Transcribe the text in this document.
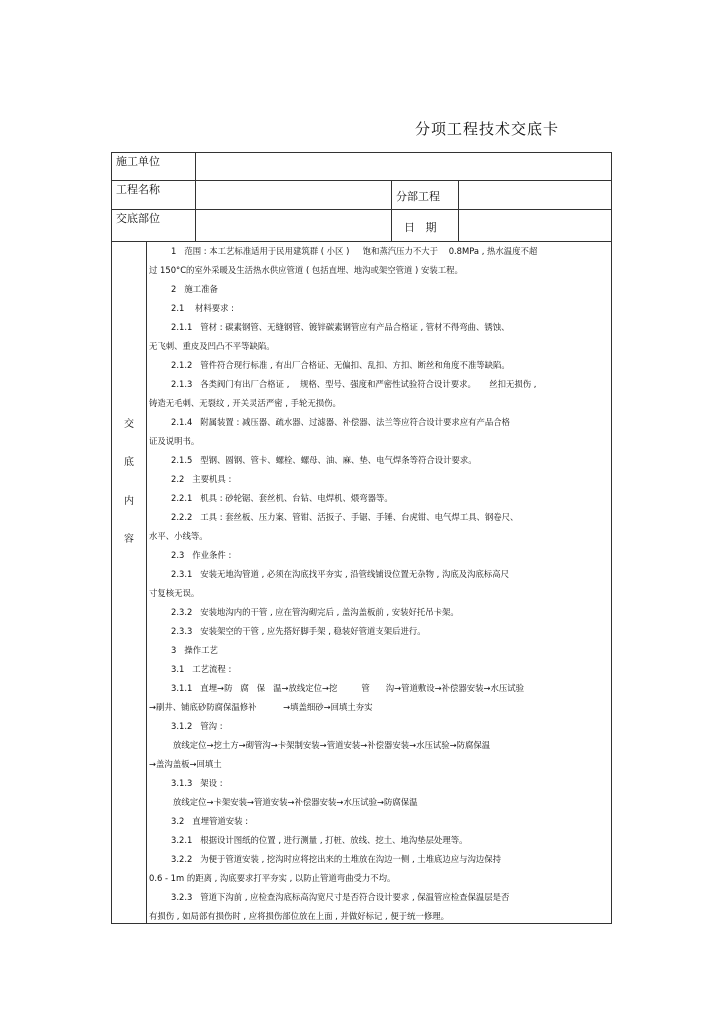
分项工程技术交底卡
施工单位
工程名称
分部工程
交底部位
日   期
交
底
内
容
1   范围 : 本工艺标准适用于民用建筑群 ( 小区 )     饱和蒸汽压力不大于    0.8MPa , 热水温度不超
过 150°C的室外采暖及生活热水供应管道 ( 包括直埋、地沟或架空管道 ) 安装工程。
2   施工准备
2.1    材料要求 :
2.1.1   管材 : 碳素钢管、无缝钢管、镀锌碳素钢管应有产品合格证 , 管材不得弯曲、锈蚀、
无飞刺、重皮及凹凸不平等缺陷。
2.1.2   管件符合现行标准 , 有出厂合格证、无偏扣、乱扣、方扣、断丝和角度不准等缺陷。
2.1.3   各类阀门有出厂合格证 ,    规格、型号、强度和严密性试验符合设计要求。     丝扣无损伤 ,
铸造无毛刺、无裂纹 , 开关灵活严密 , 手轮无损伤。
2.1.4   附属装置 : 减压器、疏水器、过滤器、补偿器、法兰等应符合设计要求应有产品合格
证及说明书。
2.1.5   型钢、圆钢、管卡、螺栓、螺母、油、麻、垫、电气焊条等符合设计要求。
2.2   主要机具 :
2.2.1   机具 : 砂轮锯、套丝机、台钻、电焊机、煨弯器等。
2.2.2   工具 : 套丝板、压力案、管钳、活扳子、手锯、手锤、台虎钳、电气焊工具、钢卷尺、
水平、小线等。
2.3   作业条件 :
2.3.1   安装无地沟管道 , 必须在沟底找平夯实 , 沿管线铺设位置无杂物 , 沟底及沟底标高尺
寸复核无误。
2.3.2   安装地沟内的干管 , 应在管沟砌完后 , 盖沟盖板前 , 安装好托吊卡架。
2.3.3   安装架空的干管 , 应先搭好脚手架 , 稳装好管道支架后进行。
3   操作工艺
3.1   工艺流程 :
3.1.1   直埋→防   腐   保   温→放线定位→挖         管      沟→管道敷设→补偿器安装→水压试验
→刷井、铺底砂防腐保温修补          →填盖细砂→回填土夯实
3.1.2   管沟 :
放线定位→挖土方→砌管沟→卡架制安装→管道安装→补偿器安装→水压试验→防腐保温
→盖沟盖板→回填土
3.1.3   架设 :
放线定位→卡架安装→管道安装→补偿器安装→水压试验→防腐保温
3.2   直埋管道安装 :
3.2.1   根据设计图纸的位置 , 进行测量 , 打桩、放线、挖土、地沟垫层处理等。
3.2.2   为便于管道安装 , 挖沟时应将挖出来的土堆放在沟边一侧 , 土堆底边应与沟边保持
0.6 - 1m 的距离 , 沟底要求打平夯实 , 以防止管道弯曲受力不均。
3.2.3   管道下沟前 , 应检查沟底标高沟宽尺寸是否符合设计要求 , 保温管应检查保温层是否
有损伤 , 如局部有损伤时 , 应将损伤部位放在上面 , 并做好标记 , 便于统一修理。
